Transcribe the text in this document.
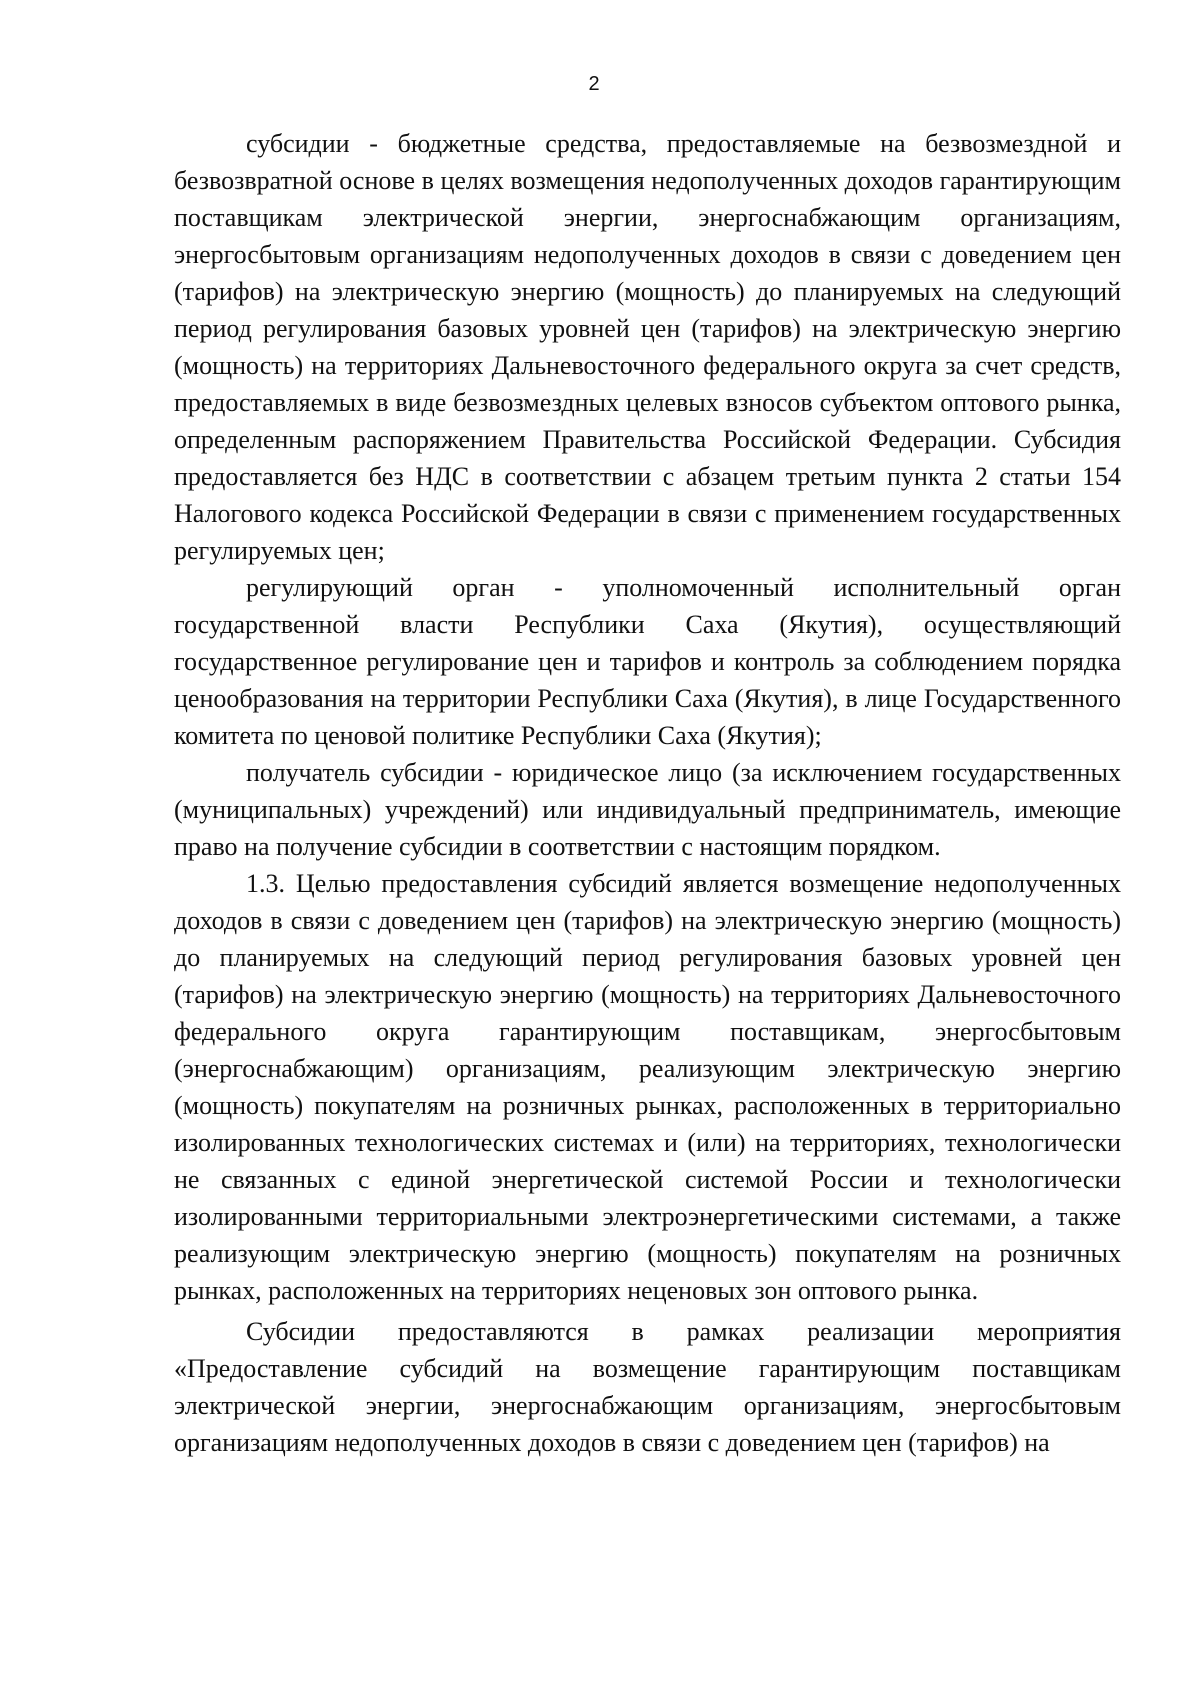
2

субсидии - бюджетные средства, предоставляемые на безвозмездной и безвозвратной основе в целях возмещения недополученных доходов гарантирующим поставщикам электрической энергии, энергоснабжающим организациям, энергосбытовым организациям недополученных доходов в связи с доведением цен (тарифов) на электрическую энергию (мощность) до планируемых на следующий период регулирования базовых уровней цен (тарифов) на электрическую энергию (мощность) на территориях Дальневосточного федерального округа за счет средств, предоставляемых в виде безвозмездных целевых взносов субъектом оптового рынка, определенным распоряжением Правительства Российской Федерации. Субсидия предоставляется без НДС в соответствии с абзацем третьим пункта 2 статьи 154 Налогового кодекса Российской Федерации в связи с применением государственных регулируемых цен;

регулирующий орган - уполномоченный исполнительный орган государственной власти Республики Саха (Якутия), осуществляющий государственное регулирование цен и тарифов и контроль за соблюдением порядка ценообразования на территории Республики Саха (Якутия), в лице Государственного комитета по ценовой политике Республики Саха (Якутия);

получатель субсидии - юридическое лицо (за исключением государственных (муниципальных) учреждений) или индивидуальный предприниматель, имеющие право на получение субсидии в соответствии с настоящим порядком.

1.3. Целью предоставления субсидий является возмещение недополученных доходов в связи с доведением цен (тарифов) на электрическую энергию (мощность) до планируемых на следующий период регулирования базовых уровней цен (тарифов) на электрическую энергию (мощность) на территориях Дальневосточного федерального округа гарантирующим поставщикам, энергосбытовым (энергоснабжающим) организациям, реализующим электрическую энергию (мощность) покупателям на розничных рынках, расположенных в территориально изолированных технологических системах и (или) на территориях, технологически не связанных с единой энергетической системой России и технологически изолированными территориальными электроэнергетическими системами, а также реализующим электрическую энергию (мощность) покупателям на розничных рынках, расположенных на территориях неценовых зон оптового рынка.

Субсидии предоставляются в рамках реализации мероприятия «Предоставление субсидий на возмещение гарантирующим поставщикам электрической энергии, энергоснабжающим организациям, энергосбытовым организациям недополученных доходов в связи с доведением цен (тарифов) на
